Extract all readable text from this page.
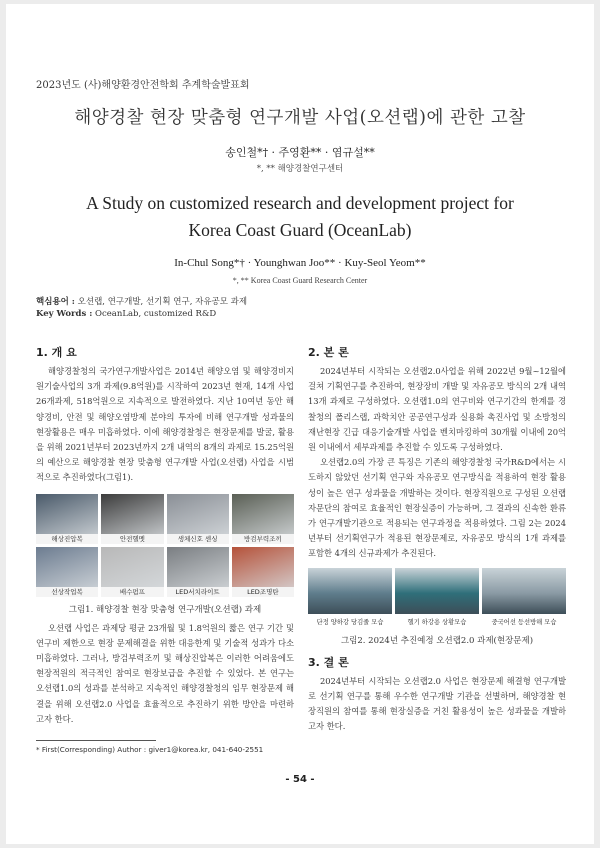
2023년도 (사)해양환경안전학회 추계학술발표회
해양경찰 현장 맞춤형 연구개발 사업(오션랩)에 관한 고찰
송인철*† · 주영환** · 염규설**
*, ** 해양경찰연구센터
A Study on customized research and development project for
Korea Coast Guard (OceanLab)
In-Chul Song*† · Younghwan Joo** · Kuy-Seol Yeom**
*, ** Korea Coast Guard Research Center
핵심용어 : 오션랩, 연구개발, 선기획 연구, 자유공모 과제
Key Words : OceanLab, customized R&D
1. 개 요

해양경찰청의 국가연구개발사업은 2014년 해양오염 및 해양경비지원기술사업의 3개 과제(9.8억원)를 시작하여 2023년 현재, 14개 사업 26개과제, 518억원으로 지속적으로 발전하였다. 지난 10여년 동안 해양경비, 안전 및 해양오염방제 분야의 투자에 비해 연구개발 성과물의 현장활용은 매우 미흡하였다. 이에 해양경찰청은 현장문제를 발굴, 활용을 위해 2021년부터 2023년까지 2개 내역의 8개의 과제로 15.25억원의 예산으로 해양경찰 현장 맞춤형 연구개발 사업(오션랩) 사업을 시범적으로 추진하였다(그림1).

해상진압복	안전헬멧	생체신호 센싱	방검부력조끼
선상작업복	배수펌프	LED서치라이트	LED조명탄

그림1. 해양경찰 현장 맞춤형 연구개발(오션랩) 과제

오션랩 사업은 과제당 평균 23개월 및 1.8억원의 짧은 연구 기간 및 연구비 제한으로 현장 문제해결을 위한 대응한계 및 기술적 성과가 다소 미흡하였다. 그러나, 방검부력조끼 및 해상진압복은 이러한 어려움에도 현장적원의 적극적인 참여로 현장보급을 추진할 수 있었다. 본 연구는 오션랩1.0의 성과를 분석하고 지속적인 해양경찰청의 임무 현장문제 해결을 위해 오션랩2.0 사업을 효율적으로 추진하기 위한 방안을 마련하고자 한다.

2. 본 론

2024년부터 시작되는 오션랩2.0사업을 위해 2022년 9월~12월에 걸쳐 기획연구를 추진하여, 현장장비 개발 및 자유공모 방식의 2개 내역 13개 과제로 구성하였다. 오션랩1.0의 연구비와 연구기간의 한계를 경찰청의 폴리스랩, 과학치안 공공연구성과 실용화 촉진사업 및 소방청의 재난현장 긴급 대응기술개발 사업을 벤치마킹하여 30개월 이내에 20억원 이내에서 세부과제를 추진할 수 있도록 구성하였다.

오션랩2.0의 가장 큰 특징은 기존의 해양경찰청 국가R&D에서는 시도하지 않았던 선기획 연구와 자유공모 연구방식을 적용하여 현장 활용성이 높은 연구 성과물을 개발하는 것이다. 현장직원으로 구성된 오션랩 자문단의 참여로 효율적인 현장실증이 가능하며, 그 결과의 신속한 환류가 연구개발기관으로 적용되는 연구과정을 적용하였다. 그림 2는 2024년부터 선기획연구가 적용된 현장문제로, 자유공모 방식의 1개 과제를 포함한 4개의 신규과제가 추진된다.

단정 양하강 당김줄 모습	헬기 하강용 상황모습	중국어선 등선방해 모습

그림2. 2024년 추진예정 오션랩2.0 과제(현장문제)

3. 결 론

2024년부터 시작되는 오션랩2.0 사업은 현장문제 해결형 연구개발로 선기획 연구를 통해 우수한 연구개발 기관을 선별하며, 해양경찰 현장직원의 참여를 통해 현장실증을 거친 활용성이 높은 성과물을 개발하고자 한다.

* First(Corresponding) Author : giver1@korea.kr, 041-640-2551
- 54 -
